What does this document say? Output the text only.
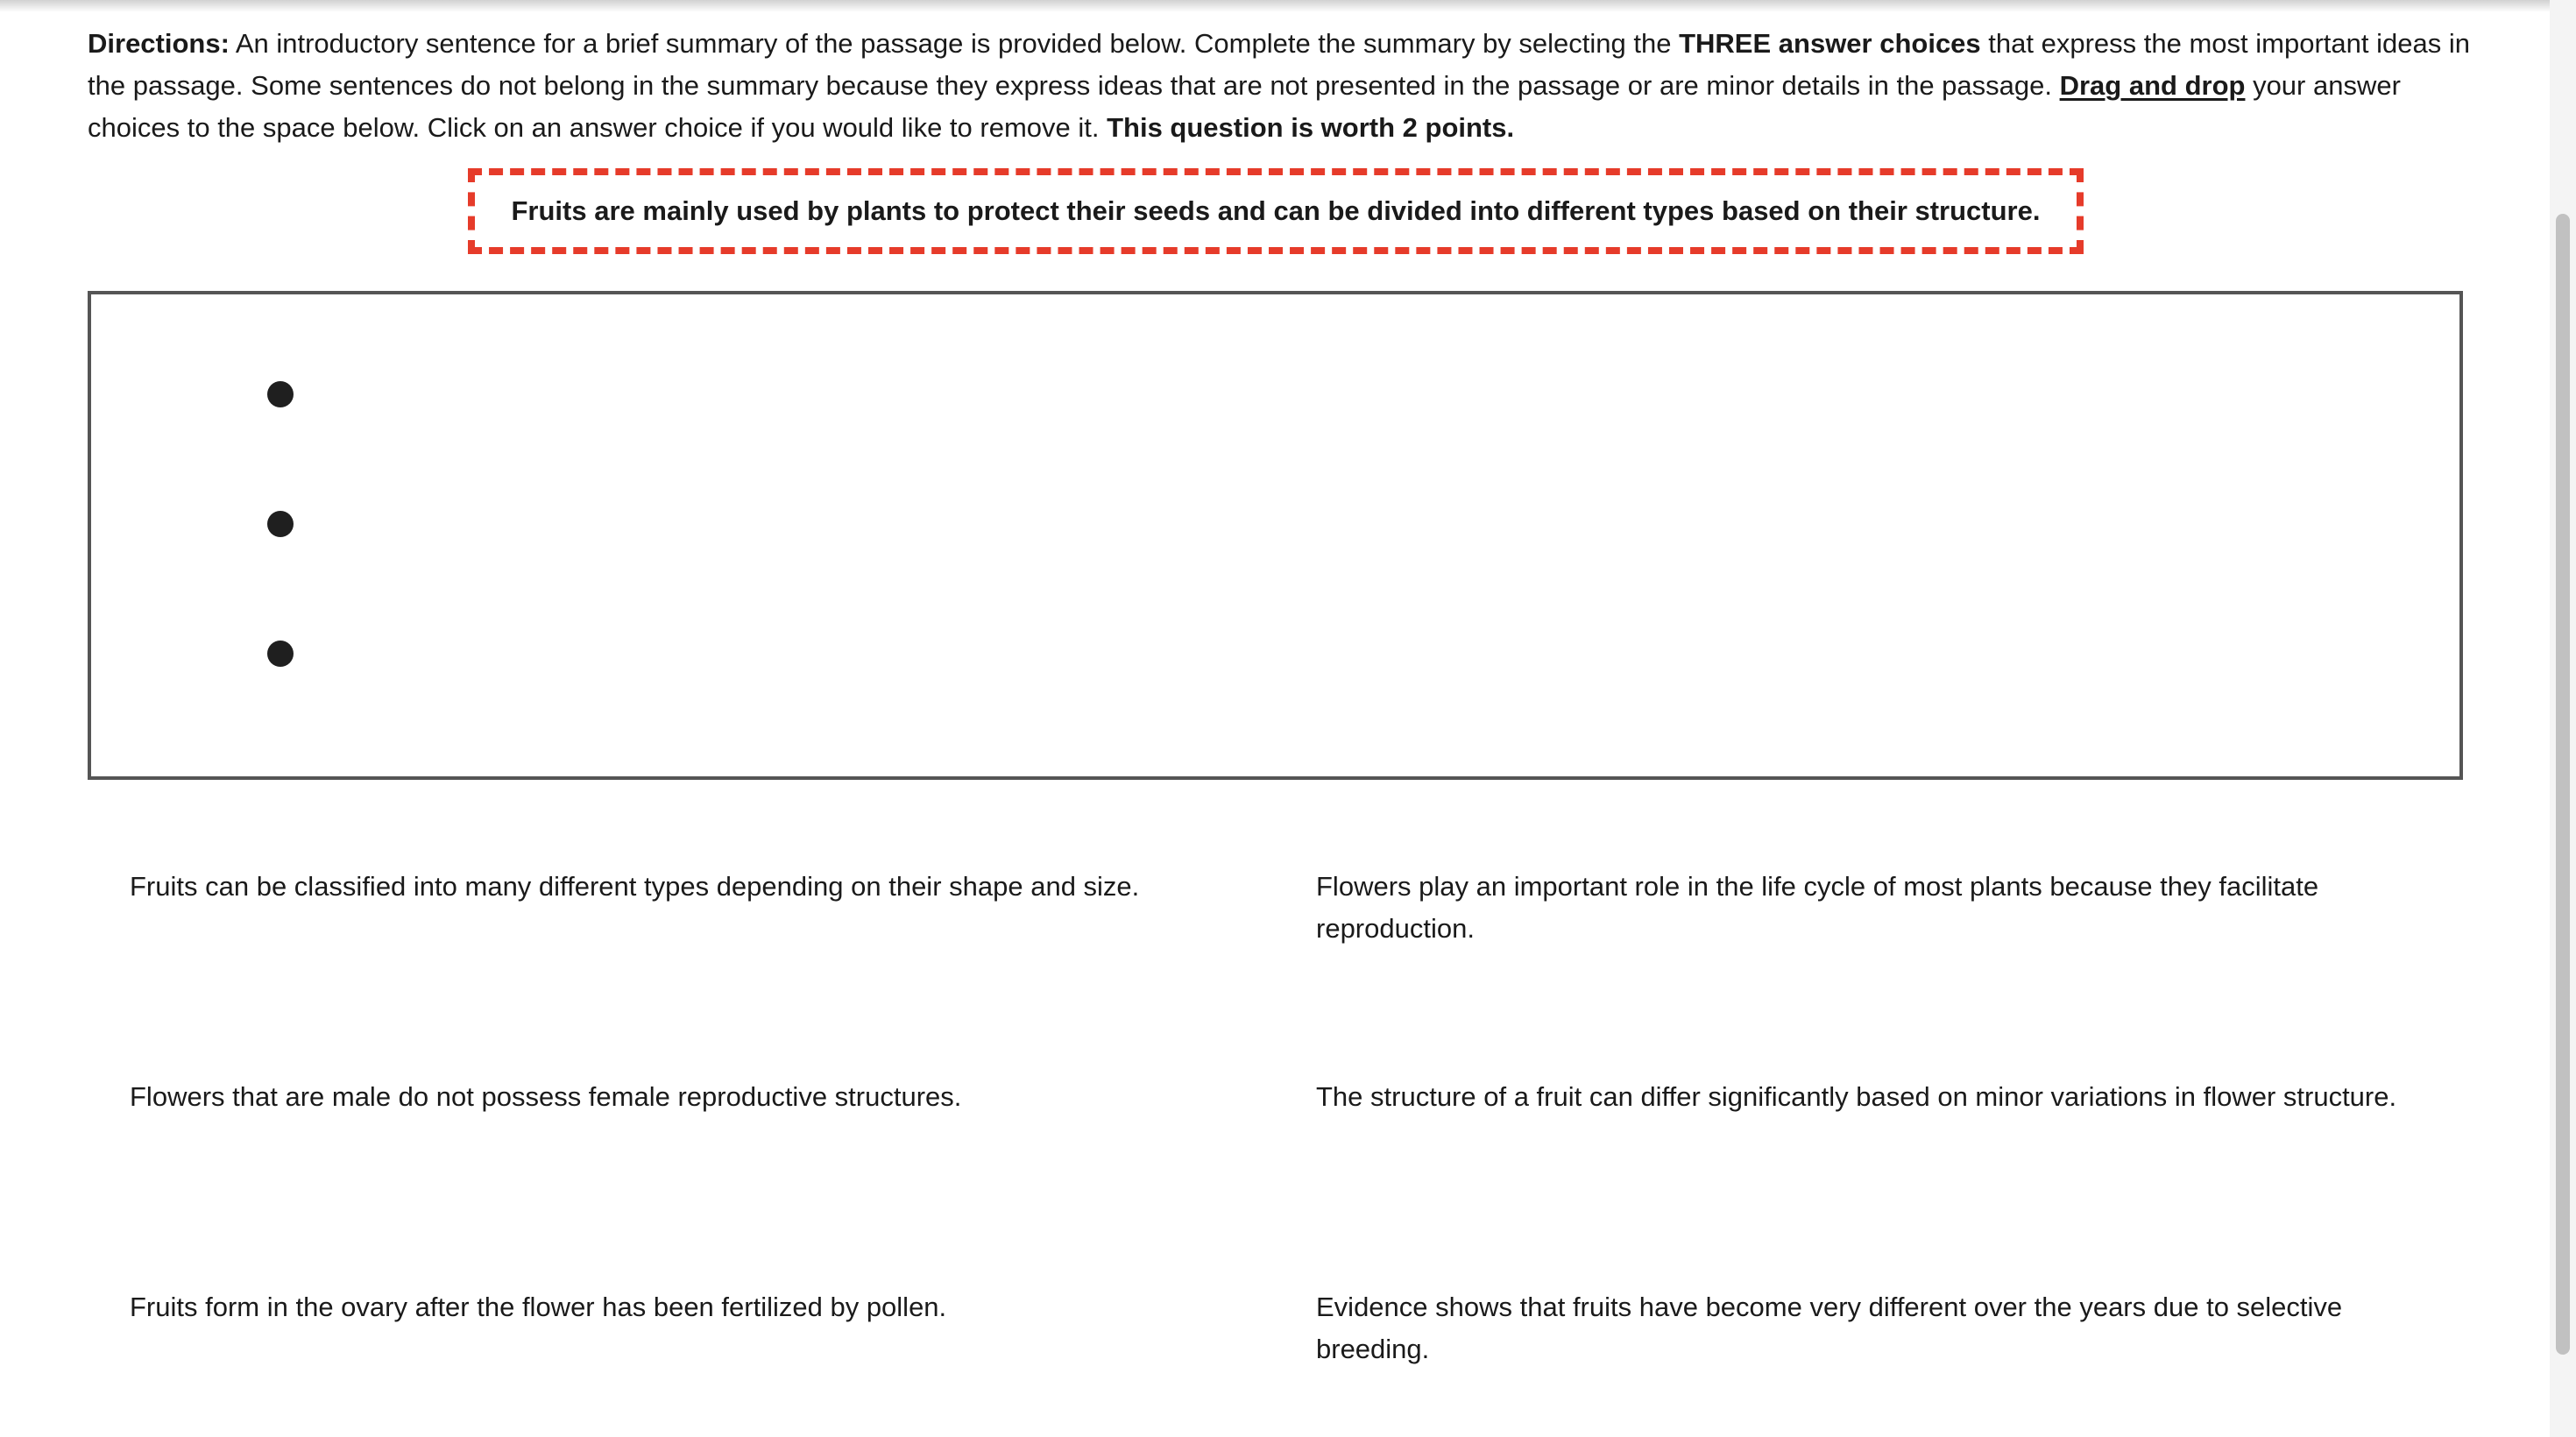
Directions: An introductory sentence for a brief summary of the passage is provided below. Complete the summary by selecting the THREE answer choices that express the most important ideas in the passage. Some sentences do not belong in the summary because they express ideas that are not presented in the passage or are minor details in the passage. Drag and drop your answer choices to the space below. Click on an answer choice if you would like to remove it. This question is worth 2 points.

Fruits are mainly used by plants to protect their seeds and can be divided into different types based on their structure.

Fruits can be classified into many different types depending on their shape and size.	Flowers play an important role in the life cycle of most plants because they facilitate reproduction.

Flowers that are male do not possess female reproductive structures.	The structure of a fruit can differ significantly based on minor variations in flower structure.

Fruits form in the ovary after the flower has been fertilized by pollen.	Evidence shows that fruits have become very different over the years due to selective breeding.
